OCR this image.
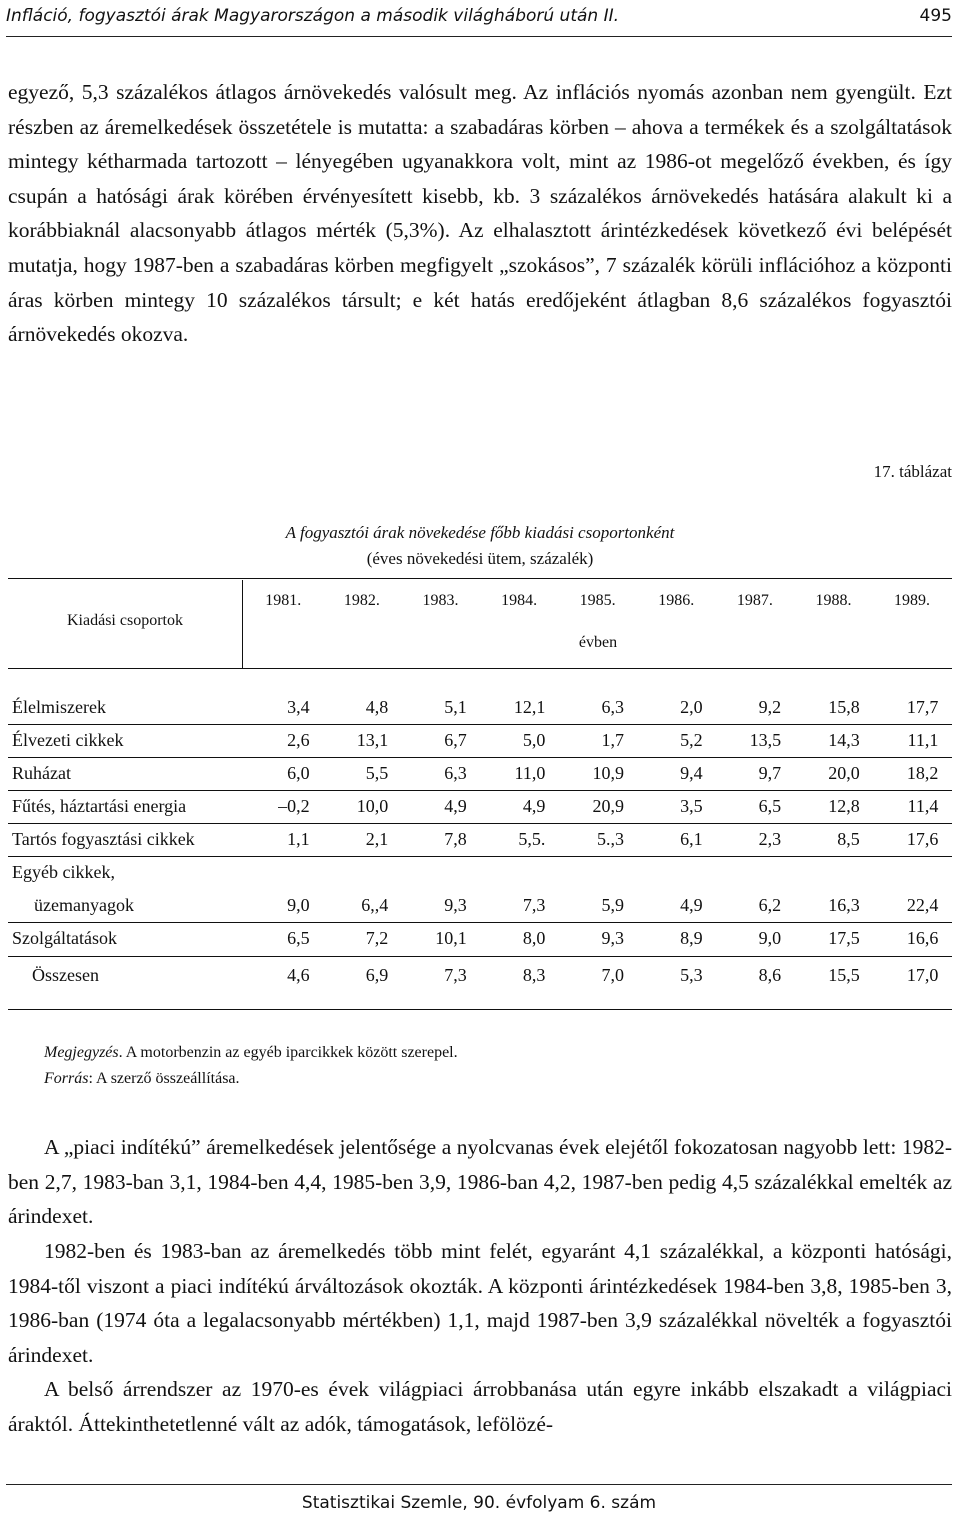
Infláció, fogyasztói árak Magyarországon a második világháború után II.	495
egyező, 5,3 százalékos átlagos árnövekedés valósult meg. Az inflációs nyomás azonban nem gyengült. Ezt részben az áremelkedések összetétele is mutatta: a szabadáras körben – ahova a termékek és a szolgáltatások mintegy kétharmada tartozott – lényegében ugyanakkora volt, mint az 1986-ot megelőző években, és így csupán a hatósági árak körében érvényesített kisebb, kb. 3 százalékos árnövekedés hatására alakult ki a korábbiaknál alacsonyabb átlagos mérték (5,3%). Az elhalasztott árintézkedések következő évi belépését mutatja, hogy 1987-ben a szabadáras körben megfigyelt „szokásos”, 7 százalék körüli inflációhoz a központi áras körben mintegy 10 százalékos társult; e két hatás eredőjeként átlagban 8,6 százalékos fogyasztói árnövekedés okozva.
17. táblázat
A fogyasztói árak növekedése főbb kiadási csoportonként
(éves növekedési ütem, százalék)
Kiadási csoportok
1981.	1982.	1983.	1984.	1985.	1986.	1987.	1988.	1989.
évben
Élelmiszerek	3,4	4,8	5,1	12,1	6,3	2,0	9,2	15,8	17,7
Élvezeti cikkek	2,6	13,1	6,7	5,0	1,7	5,2	13,5	14,3	11,1
Ruházat	6,0	5,5	6,3	11,0	10,9	9,4	9,7	20,0	18,2
Fűtés, háztartási energia	–0,2	10,0	4,9	4,9	20,9	3,5	6,5	12,8	11,4
Tartós fogyasztási cikkek	1,1	2,1	7,8	5,5.	5.,3	6,1	2,3	8,5	17,6
Egyéb cikkek,
üzemanyagok	9,0	6,,4	9,3	7,3	5,9	4,9	6,2	16,3	22,4
Szolgáltatások	6,5	7,2	10,1	8,0	9,3	8,9	9,0	17,5	16,6
Összesen	4,6	6,9	7,3	8,3	7,0	5,3	8,6	15,5	17,0
Megjegyzés. A motorbenzin az egyéb iparcikkek között szerepel.
Forrás: A szerző összeállítása.
A „piaci indítékú” áremelkedések jelentősége a nyolcvanas évek elejétől fokozatosan nagyobb lett: 1982-ben 2,7, 1983-ban 3,1, 1984-ben 4,4, 1985-ben 3,9, 1986-ban 4,2, 1987-ben pedig 4,5 százalékkal emelték az árindexet.
1982-ben és 1983-ban az áremelkedés több mint felét, egyaránt 4,1 százalékkal, a központi hatósági, 1984-től viszont a piaci indítékú árváltozások okozták. A központi árintézkedések 1984-ben 3,8, 1985-ben 3, 1986-ban (1974 óta a legalacsonyabb mértékben) 1,1, majd 1987-ben 3,9 százalékkal növelték a fogyasztói árindexet.
A belső árrendszer az 1970-es évek világpiaci árrobbanása után egyre inkább elszakadt a világpiaci áraktól. Áttekinthetetlenné vált az adók, támogatások, lefölözé-
Statisztikai Szemle, 90. évfolyam 6. szám
